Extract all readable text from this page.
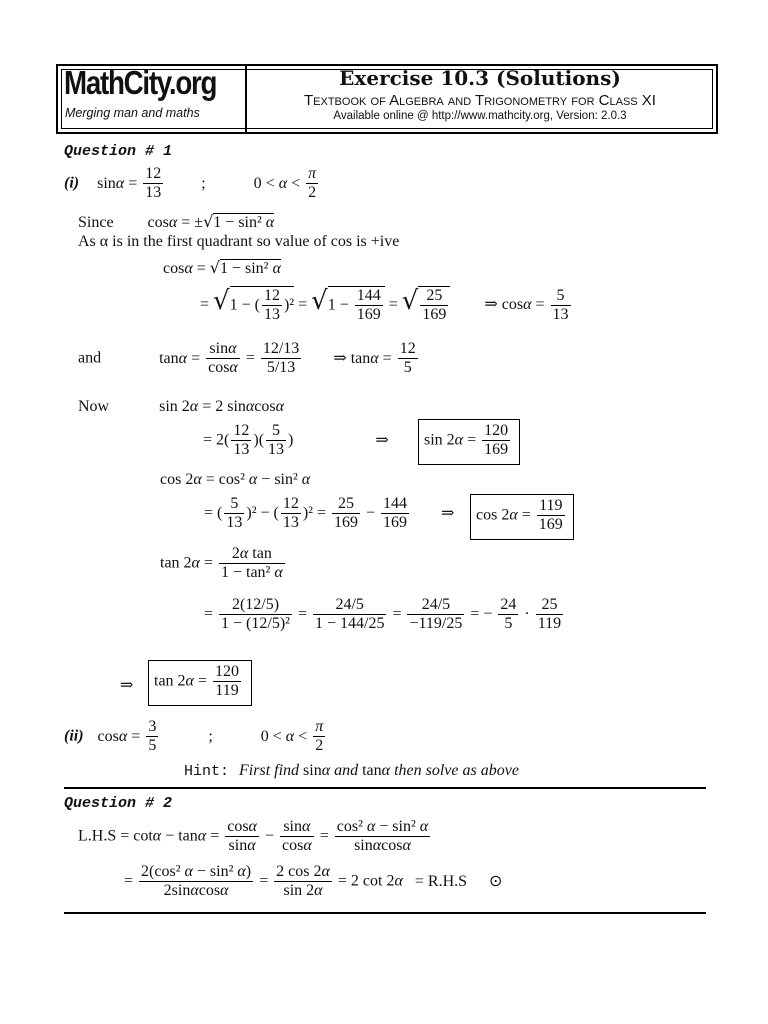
MathCity.org
Merging man and maths
Exercise 10.3 (Solutions)
Textbook of Algebra and Trigonometry for Class XI
Available online @ http://www.mathcity.org, Version: 2.0.3
Question # 1
(i) $\sin\alpha = \frac{12}{13}$ ;	$0 < \alpha < \frac{\pi}{2}$
Since cosα = ±√1 − sin² α
As α is in the first quadrant so value of cos is +ive
cosα = √1 − sin² α
= √1 − ( $\frac{12}{13} )^2 = √1 - \frac{144}{169}$ = √ $\frac{25}{169}$ ⇒ $\cos\alpha = \frac{5}{13}$
and	$\tan\alpha = \frac{\sin\alpha}{\cos\alpha} = \frac{12/13}{5/13}$ ⇒ $\tan\alpha = \frac{12}{5}$
Now	sin 2α = 2 sinαcosα
= $2( \frac{12}{13}$ )( $\frac{5}{13}$ )	⇒ $\sin 2\alpha = \frac{120}{169}$
cos 2α = cos² α − sin² α
= ( $\frac{5}{13} )^2$ − ( $\frac{12}{13} )^2 = \frac{25}{169} - \frac{144}{169}$ ⇒ $\cos 2\alpha = \frac{119}{169}$
$\tan 2\alpha = \frac{\text{2α tan}}{\text{1 − tan² α}}$
= $\frac{2(12/5)}{\text{1 − (12/5)²}} = \frac{24/5}{1 - 144/25} = \frac{24/5}{-119/25}$ = − $\frac{24}{5} \cdot \frac{25}{119}$
⇒ $\tan 2\alpha = \frac{120}{119}$
(ii) $\cos\alpha = \frac{3}{5}$	;	$0 < \alpha < \frac{\pi}{2}$
Hint: First find sinα and tanα then solve as above
Question # 2
$L.H.S = \cot\alpha - \tan\alpha = \frac{\cos\alpha}{\sin\alpha} - \frac{\sin\alpha}{\cos\alpha} = \frac{\text{cos² α − sin² α}}{\sin\alpha\cos\alpha}$
= $\frac{\text{2(cos² α − sin² α)}}{2\sin\alpha\cos\alpha} = \frac{2 \cos 2\alpha}{\sin 2\alpha} = 2$ cot 2α = R.H.S ⊙
